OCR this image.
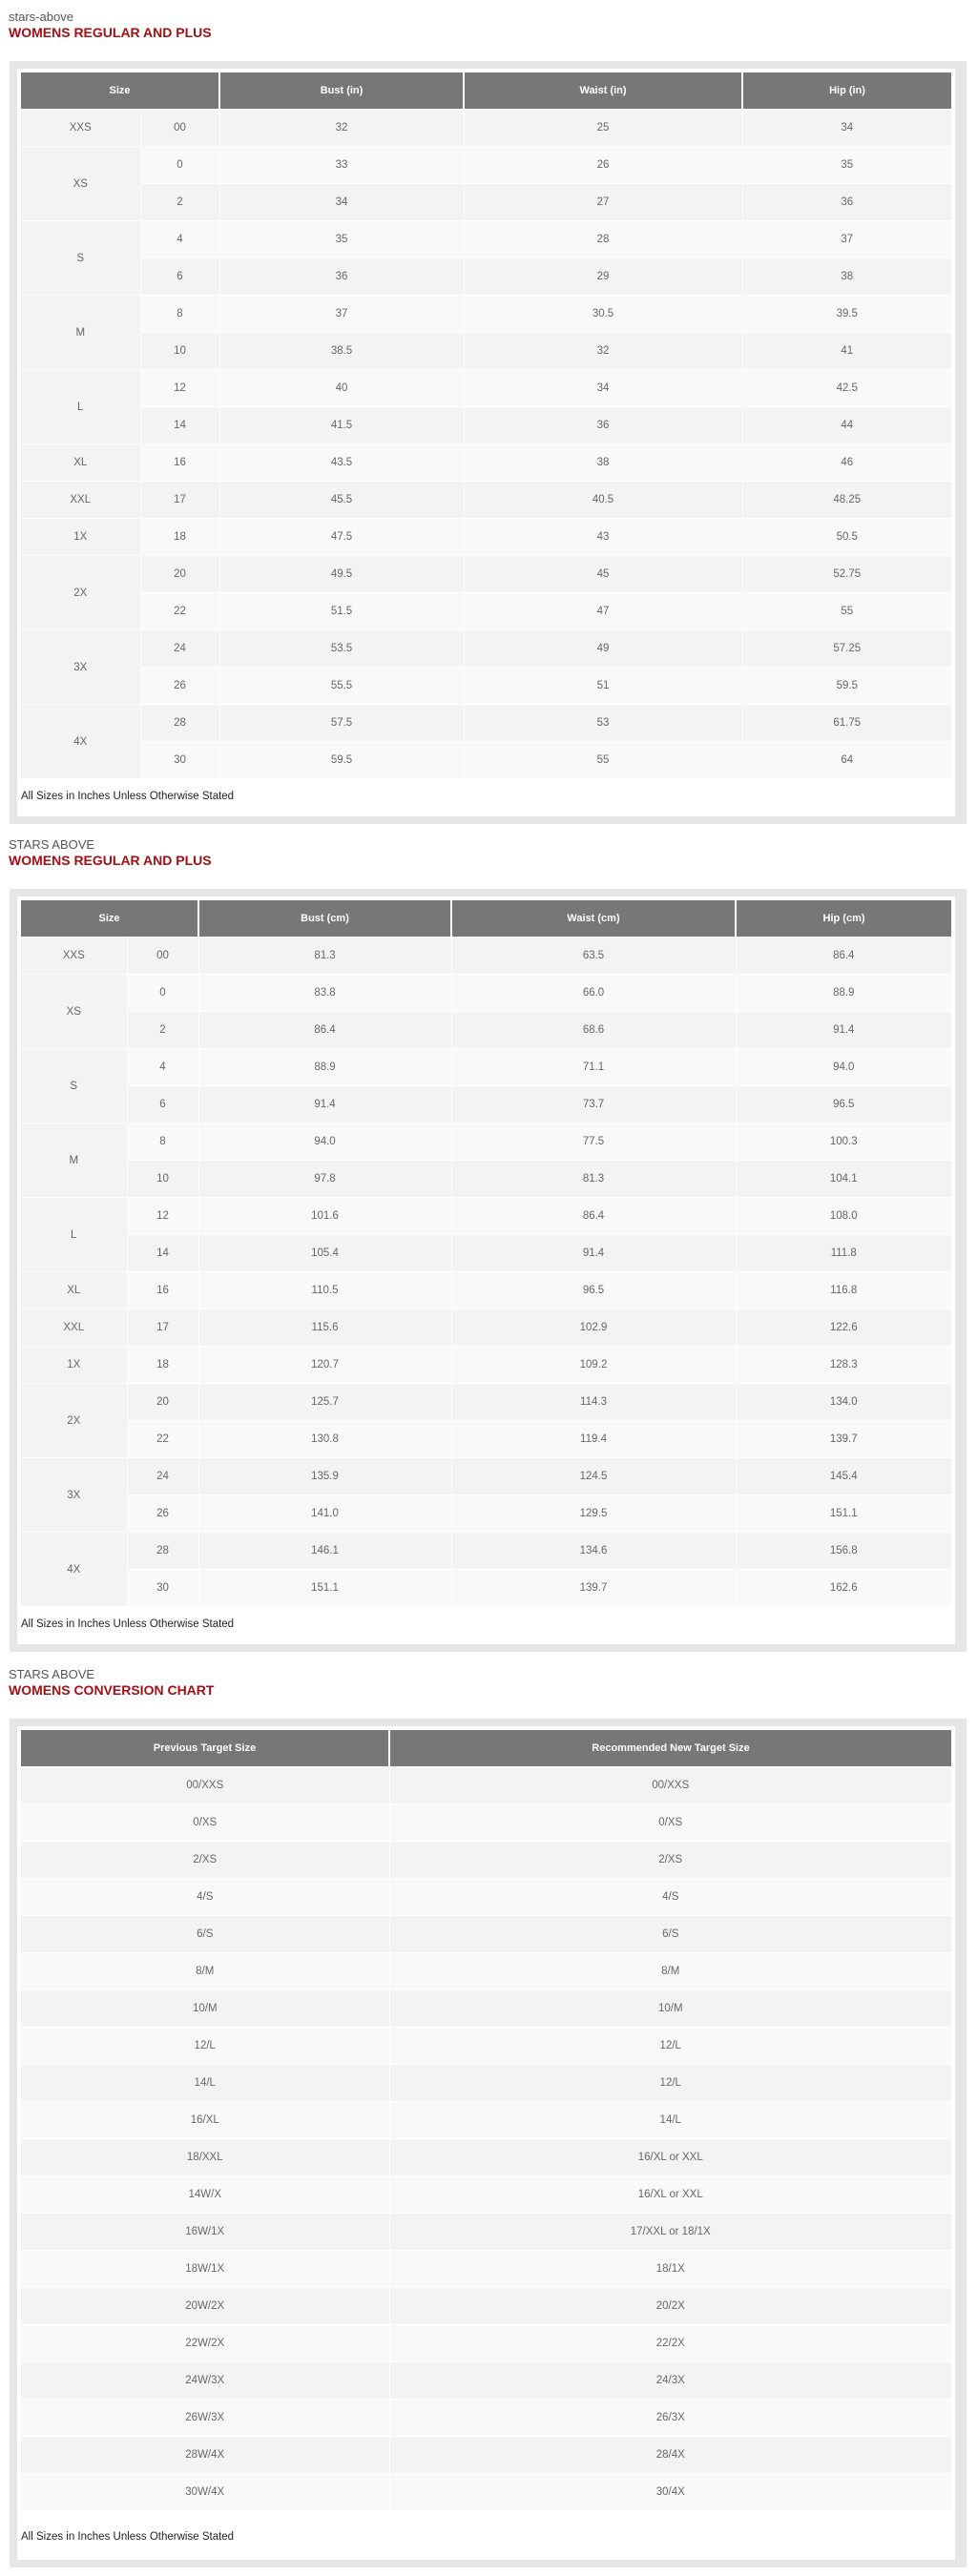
stars-above
WOMENS REGULAR AND PLUS
Size		Bust (in)	Waist (in)	Hip (in)
XXS	00	32	25	34
XS	0	33	26	35
	2	34	27	36
S	4	35	28	37
	6	36	29	38
M	8	37	30.5	39.5
	10	38.5	32	41
L	12	40	34	42.5
	14	41.5	36	44
XL	16	43.5	38	46
XXL	17	45.5	40.5	48.25
1X	18	47.5	43	50.5
2X	20	49.5	45	52.75
	22	51.5	47	55
3X	24	53.5	49	57.25
	26	55.5	51	59.5
4X	28	57.5	53	61.75
	30	59.5	55	64
All Sizes in Inches Unless Otherwise Stated
STARS ABOVE
WOMENS REGULAR AND PLUS
Size		Bust (cm)	Waist (cm)	Hip (cm)
XXS	00	81.3	63.5	86.4
XS	0	83.8	66.0	88.9
	2	86.4	68.6	91.4
S	4	88.9	71.1	94.0
	6	91.4	73.7	96.5
M	8	94.0	77.5	100.3
	10	97.8	81.3	104.1
L	12	101.6	86.4	108.0
	14	105.4	91.4	111.8
XL	16	110.5	96.5	116.8
XXL	17	115.6	102.9	122.6
1X	18	120.7	109.2	128.3
2X	20	125.7	114.3	134.0
	22	130.8	119.4	139.7
3X	24	135.9	124.5	145.4
	26	141.0	129.5	151.1
4X	28	146.1	134.6	156.8
	30	151.1	139.7	162.6
All Sizes in Inches Unless Otherwise Stated
STARS ABOVE
WOMENS CONVERSION CHART
Previous Target Size	Recommended New Target Size
00/XXS	00/XXS
0/XS	0/XS
2/XS	2/XS
4/S	4/S
6/S	6/S
8/M	8/M
10/M	10/M
12/L	12/L
14/L	12/L
16/XL	14/L
18/XXL	16/XL or XXL
14W/X	16/XL or XXL
16W/1X	17/XXL or 18/1X
18W/1X	18/1X
20W/2X	20/2X
22W/2X	22/2X
24W/3X	24/3X
26W/3X	26/3X
28W/4X	28/4X
30W/4X	30/4X
All Sizes in Inches Unless Otherwise Stated
